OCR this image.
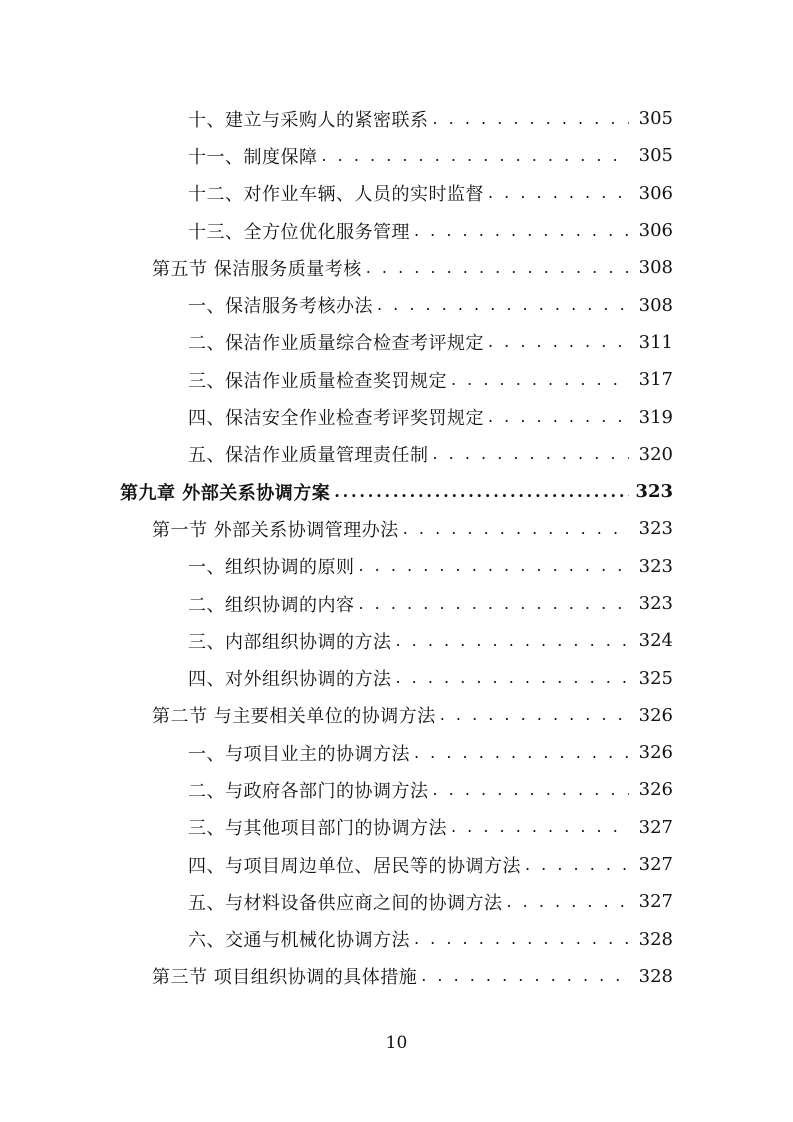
十、建立与采购人的紧密联系 . . .	305
十一、制度保障 . . .	305
十二、对作业车辆、人员的实时监督 . . .	306
十三、全方位优化服务管理 . . .	306
第五节 保洁服务质量考核 . . .	308
一、保洁服务考核办法 . . .	308
二、保洁作业质量综合检查考评规定 . . .	311
三、保洁作业质量检查奖罚规定 . . .	317
四、保洁安全作业检查考评奖罚规定 . . .	319
五、保洁作业质量管理责任制 . . .	320
第九章 外部关系协调方案 .....	323
第一节 外部关系协调管理办法 . . .	323
一、组织协调的原则 . . .	323
二、组织协调的内容 . . .	323
三、内部组织协调的方法 . . .	324
四、对外组织协调的方法 . . .	325
第二节 与主要相关单位的协调方法 . . .	326
一、与项目业主的协调方法 . . .	326
二、与政府各部门的协调方法 . . .	326
三、与其他项目部门的协调方法 . . .	327
四、与项目周边单位、居民等的协调方法 . . .	327
五、与材料设备供应商之间的协调方法 . . .	327
六、交通与机械化协调方法 . . .	328
第三节 项目组织协调的具体措施 . . .	328
10
